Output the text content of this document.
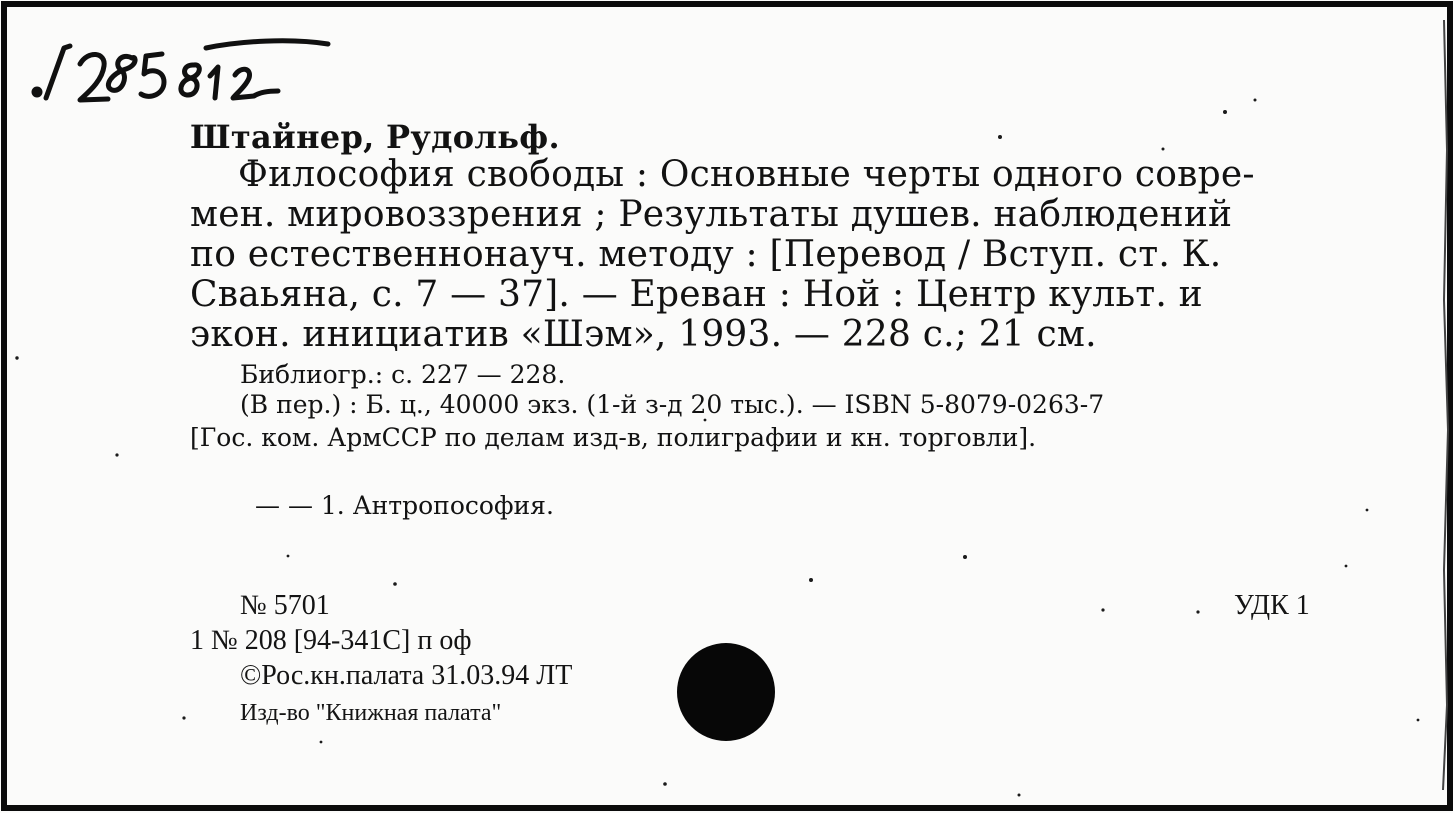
Штайнер, Рудольф.
Философия свободы : Основные черты одного совре-
мен. мировоззрения ; Результаты душев. наблюдений
по естественнонауч. методу : [Перевод / Вступ. ст. К.
Сваьяна, с. 7 — 37]. — Ереван : Ной : Центр культ. и
экон. инициатив «Шэм», 1993. — 228 с.; 21 см.
Библиогр.: с. 227 — 228.
(В пер.) : Б. ц., 40000 экз. (1-й з-д 20 тыс.). — ISBN 5-8079-0263-7
[Гос. ком. АрмССР по делам изд-в, полиграфии и кн. торговли].
— — 1. Антропософия.
№ 5701	УДК 1
1 № 208 [94-341С] п оф
©Рос.кн.палата 31.03.94 ЛТ
Изд-во "Книжная палата"
